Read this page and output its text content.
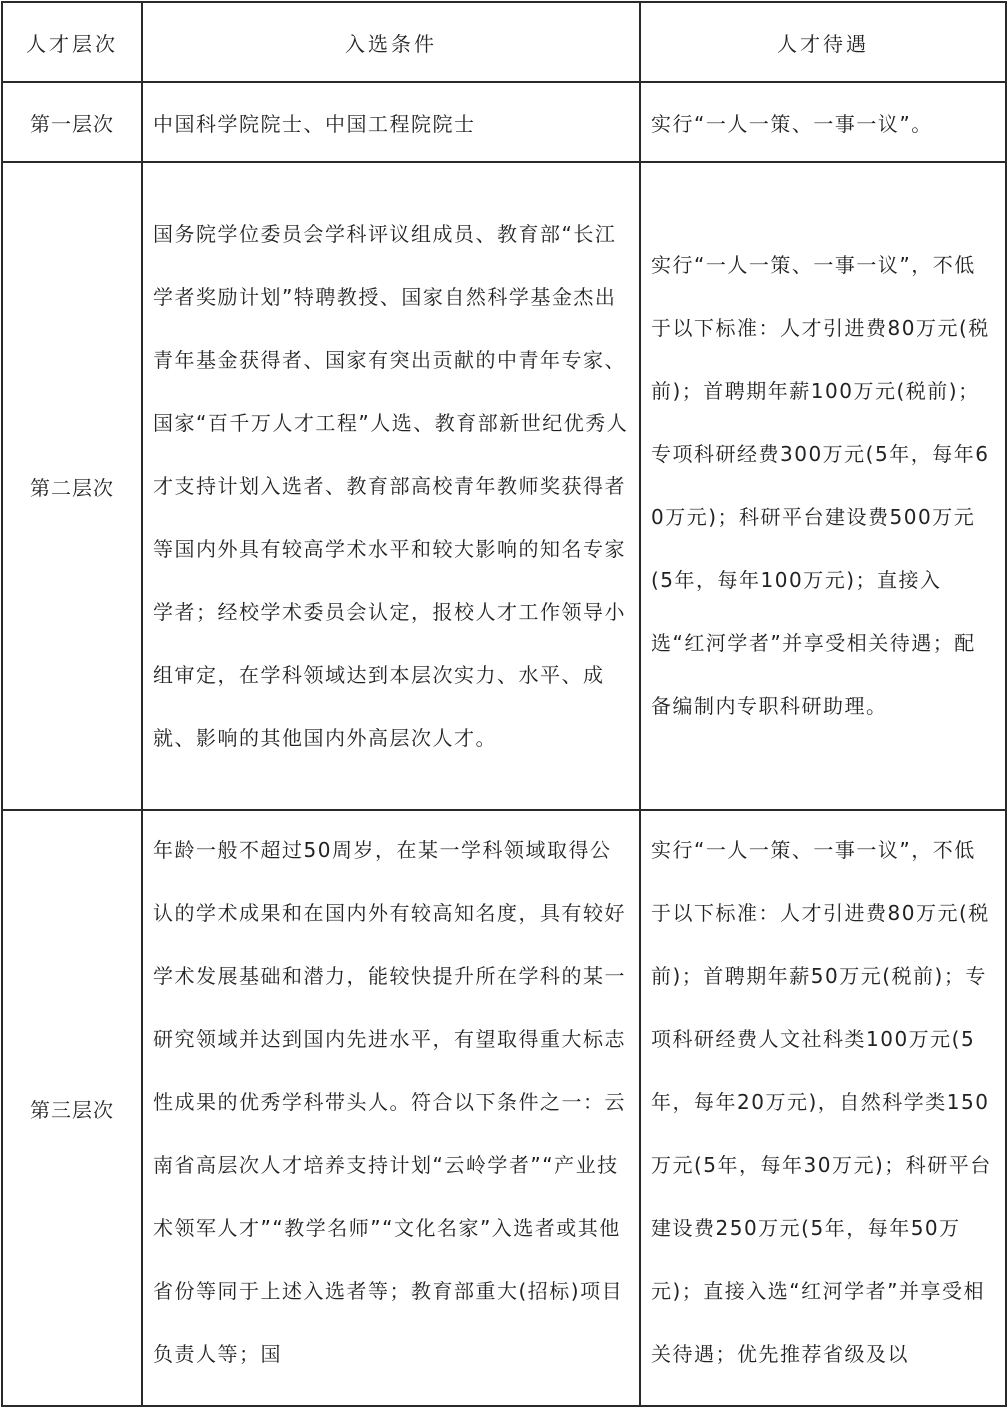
人才层次	入选条件	人才待遇
第一层次	中国科学院院士、中国工程院院士	实行“一人一策、一事一议”。
第二层次	国务院学位委员会学科评议组成员、教育部“长江学者奖励计划”特聘教授、国家自然科学基金杰出青年基金获得者、国家有突出贡献的中青年专家、国家“百千万人才工程”人选、教育部新世纪优秀人才支持计划入选者、教育部高校青年教师奖获得者等国内外具有较高学术水平和较大影响的知名专家学者；经校学术委员会认定，报校人才工作领导小组审定，在学科领域达到本层次实力、水平、成就、影响的其他国内外高层次人才。	实行“一人一策、一事一议”，不低于以下标准：人才引进费80万元(税前)；首聘期年薪100万元(税前)；专项科研经费300万元(5年，每年60万元)；科研平台建设费500万元(5年，每年100万元)；直接入选“红河学者”并享受相关待遇；配备编制内专职科研助理。
第三层次	年龄一般不超过50周岁，在某一学科领域取得公认的学术成果和在国内外有较高知名度，具有较好学术发展基础和潜力，能较快提升所在学科的某一研究领域并达到国内先进水平，有望取得重大标志性成果的优秀学科带头人。符合以下条件之一：云南省高层次人才培养支持计划“云岭学者”“产业技术领军人才”“教学名师”“文化名家”入选者或其他省份等同于上述入选者等；教育部重大(招标)项目负责人等；国	实行“一人一策、一事一议”，不低于以下标准：人才引进费80万元(税前)；首聘期年薪50万元(税前)；专项科研经费人文社科类100万元(5年，每年20万元)，自然科学类150万元(5年，每年30万元)；科研平台建设费250万元(5年，每年50万元)；直接入选“红河学者”并享受相关待遇；优先推荐省级及以
